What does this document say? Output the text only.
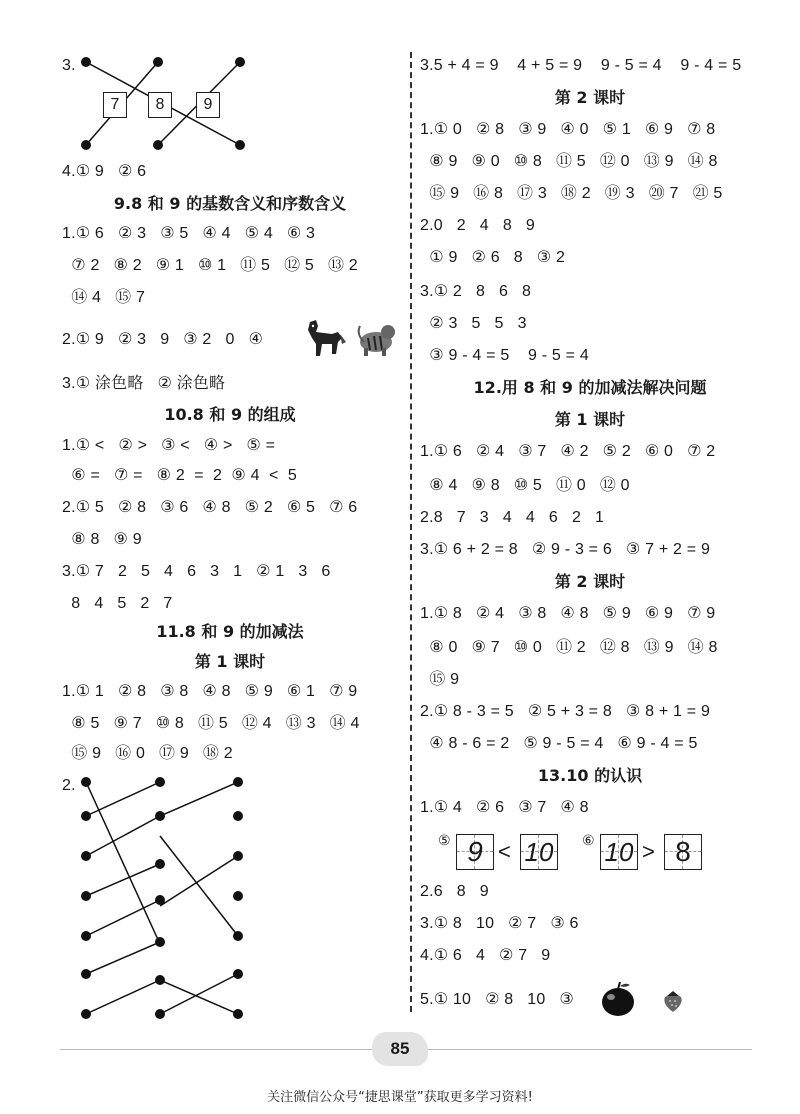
3.
7	8	9
4.① 9   ② 6
9.8 和 9 的基数含义和序数含义
1.① 6   ② 3   ③ 5   ④ 4   ⑤ 4   ⑥ 3
⑦ 2   ⑧ 2   ⑨ 1   ⑩ 1   ⑪ 5   ⑫ 5   ⑬ 2
⑭ 4   ⑮ 7
2.① 9   ② 3   9   ③ 2   0   ④
3.① 涂色略   ② 涂色略
10.8 和 9 的组成
1.① <   ② >   ③ <   ④ >   ⑤ =
⑥ =   ⑦ =   ⑧ 2  =  2  ⑨ 4  <  5
2.① 5   ② 8   ③ 6   ④ 8   ⑤ 2   ⑥ 5   ⑦ 6
⑧ 8   ⑨ 9
3.① 7   2   5   4   6   3   1   ② 1   3   6
8   4   5   2   7
11.8 和 9 的加减法
第 1 课时
1.① 1   ② 8   ③ 8   ④ 8   ⑤ 9   ⑥ 1   ⑦ 9
⑧ 5   ⑨ 7   ⑩ 8   ⑪ 5   ⑫ 4   ⑬ 3   ⑭ 4
⑮ 9   ⑯ 0   ⑰ 9   ⑱ 2
2.
3.5 + 4 = 9    4 + 5 = 9    9 - 5 = 4    9 - 4 = 5
第 2 课时
1.① 0   ② 8   ③ 9   ④ 0   ⑤ 1   ⑥ 9   ⑦ 8
⑧ 9   ⑨ 0   ⑩ 8   ⑪ 5   ⑫ 0   ⑬ 9   ⑭ 8
⑮ 9   ⑯ 8   ⑰ 3   ⑱ 2   ⑲ 3   ⑳ 7   ㉑ 5
2.0   2   4   8   9
① 9   ② 6   8   ③ 2
3.① 2   8   6   8
② 3   5   5   3
③ 9 - 4 = 5    9 - 5 = 4
12.用 8 和 9 的加减法解决问题
第 1 课时
1.① 6   ② 4   ③ 7   ④ 2   ⑤ 2   ⑥ 0   ⑦ 2
⑧ 4   ⑨ 8   ⑩ 5   ⑪ 0   ⑫ 0
2.8   7   3   4   4   6   2   1
3.① 6 + 2 = 8   ② 9 - 3 = 6   ③ 7 + 2 = 9
第 2 课时
1.① 8   ② 4   ③ 8   ④ 8   ⑤ 9   ⑥ 9   ⑦ 9
⑧ 0   ⑨ 7   ⑩ 0   ⑪ 2   ⑫ 8   ⑬ 9   ⑭ 8
⑮ 9
2.① 8 - 3 = 5   ② 5 + 3 = 8   ③ 8 + 1 = 9
④ 8 - 6 = 2   ⑤ 9 - 5 = 4   ⑥ 9 - 4 = 5
13.10 的认识
1.① 4   ② 6   ③ 7   ④ 8
⑤ 9 < 10 ⑥ 10 > 8
2.6   8   9
3.① 8   10   ② 7   ③ 6
4.① 6   4   ② 7   9
5.① 10   ② 8   10   ③
85
关注微信公众号“捷思课堂”获取更多学习资料!
